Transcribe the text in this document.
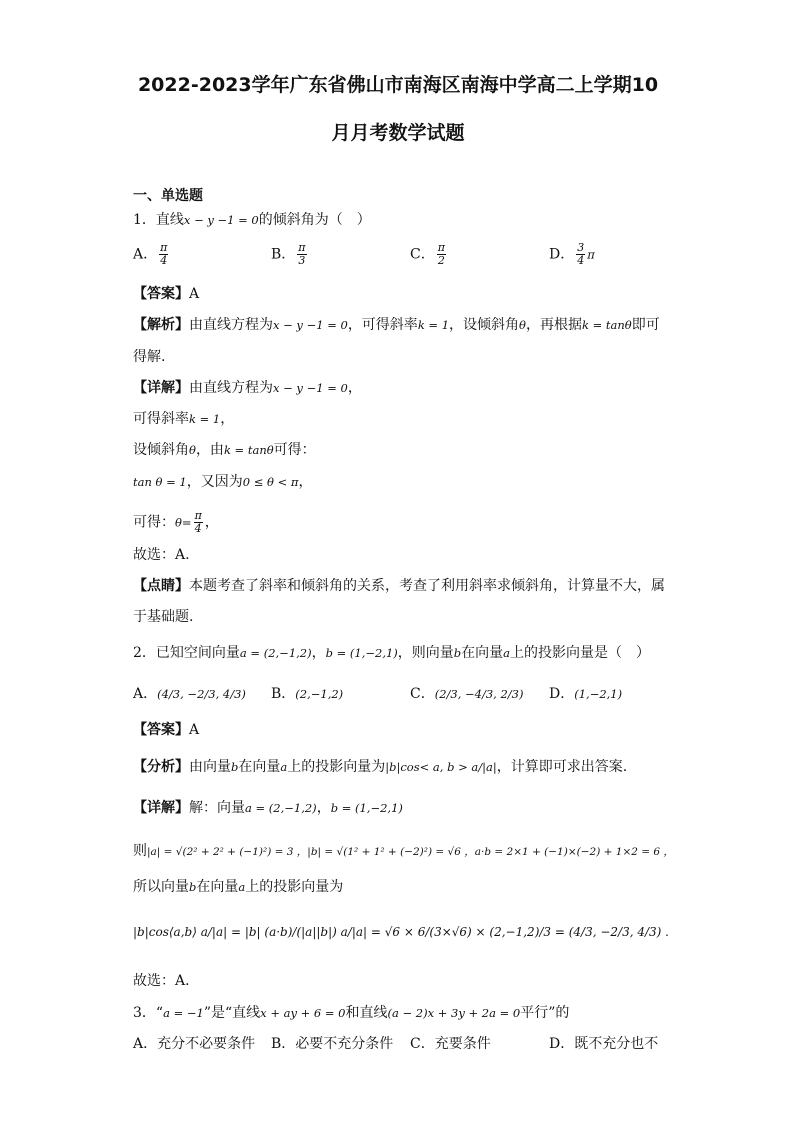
2022-2023学年广东省佛山市南海区南海中学高二上学期10
月月考数学试题
一、单选题
1．直线x − y −1 = 0的倾斜角为（　）
A． $\frac{\pi}{4}$	B． $\frac{\pi}{3}$	C． $\frac{\pi}{2}$	D． $\frac{3}{4}$ π
【答案】A
【解析】由直线方程为x − y −1 = 0，可得斜率k = 1，设倾斜角θ，再根据k = tanθ即可
得解.
【详解】由直线方程为x − y −1 = 0，
可得斜率k = 1，
设倾斜角θ，由k = tanθ可得：
tan θ = 1，又因为0 ≤ θ < π，
可得：$\theta= \frac{\pi}{4}$ ，
故选：A.
【点睛】本题考查了斜率和倾斜角的关系，考查了利用斜率求倾斜角，计算量不大，属
于基础题.
2．已知空间向量a = (2,−1,2)，b = (1,−2,1)，则向量b在向量a上的投影向量是（　）
A．(4/3, −2/3, 4/3) B．(2,−1,2)	C．(2/3, −4/3, 2/3) D．(1,−2,1)
【答案】A
【分析】由向量b在向量a上的投影向量为|b|cos< a, b > a/|a|，计算即可求出答案.
【详解】解：向量a = (2,−1,2)，b = (1,−2,1)
则|a| = √(2² + 2² + (−1)²) = 3 ，|b| = √(1² + 1² + (−2)²) = √6 ，a·b = 2×1 + (−1)×(−2) + 1×2 = 6 ，
所以向量b在向量a上的投影向量为
|b|cos⟨a,b⟩ a/|a| = |b| (a·b)/(|a||b|) a/|a| = √6 × 6/(3×√6) × (2,−1,2)/3 = (4/3, −2/3, 4/3) .
故选：A．
3．“a = −1”是“直线x + ay + 6 = 0和直线(a − 2)x + 3y + 2a = 0平行”的
A．充分不必要条件 B．必要不充分条件 C．充要条件	D．既不充分也不
